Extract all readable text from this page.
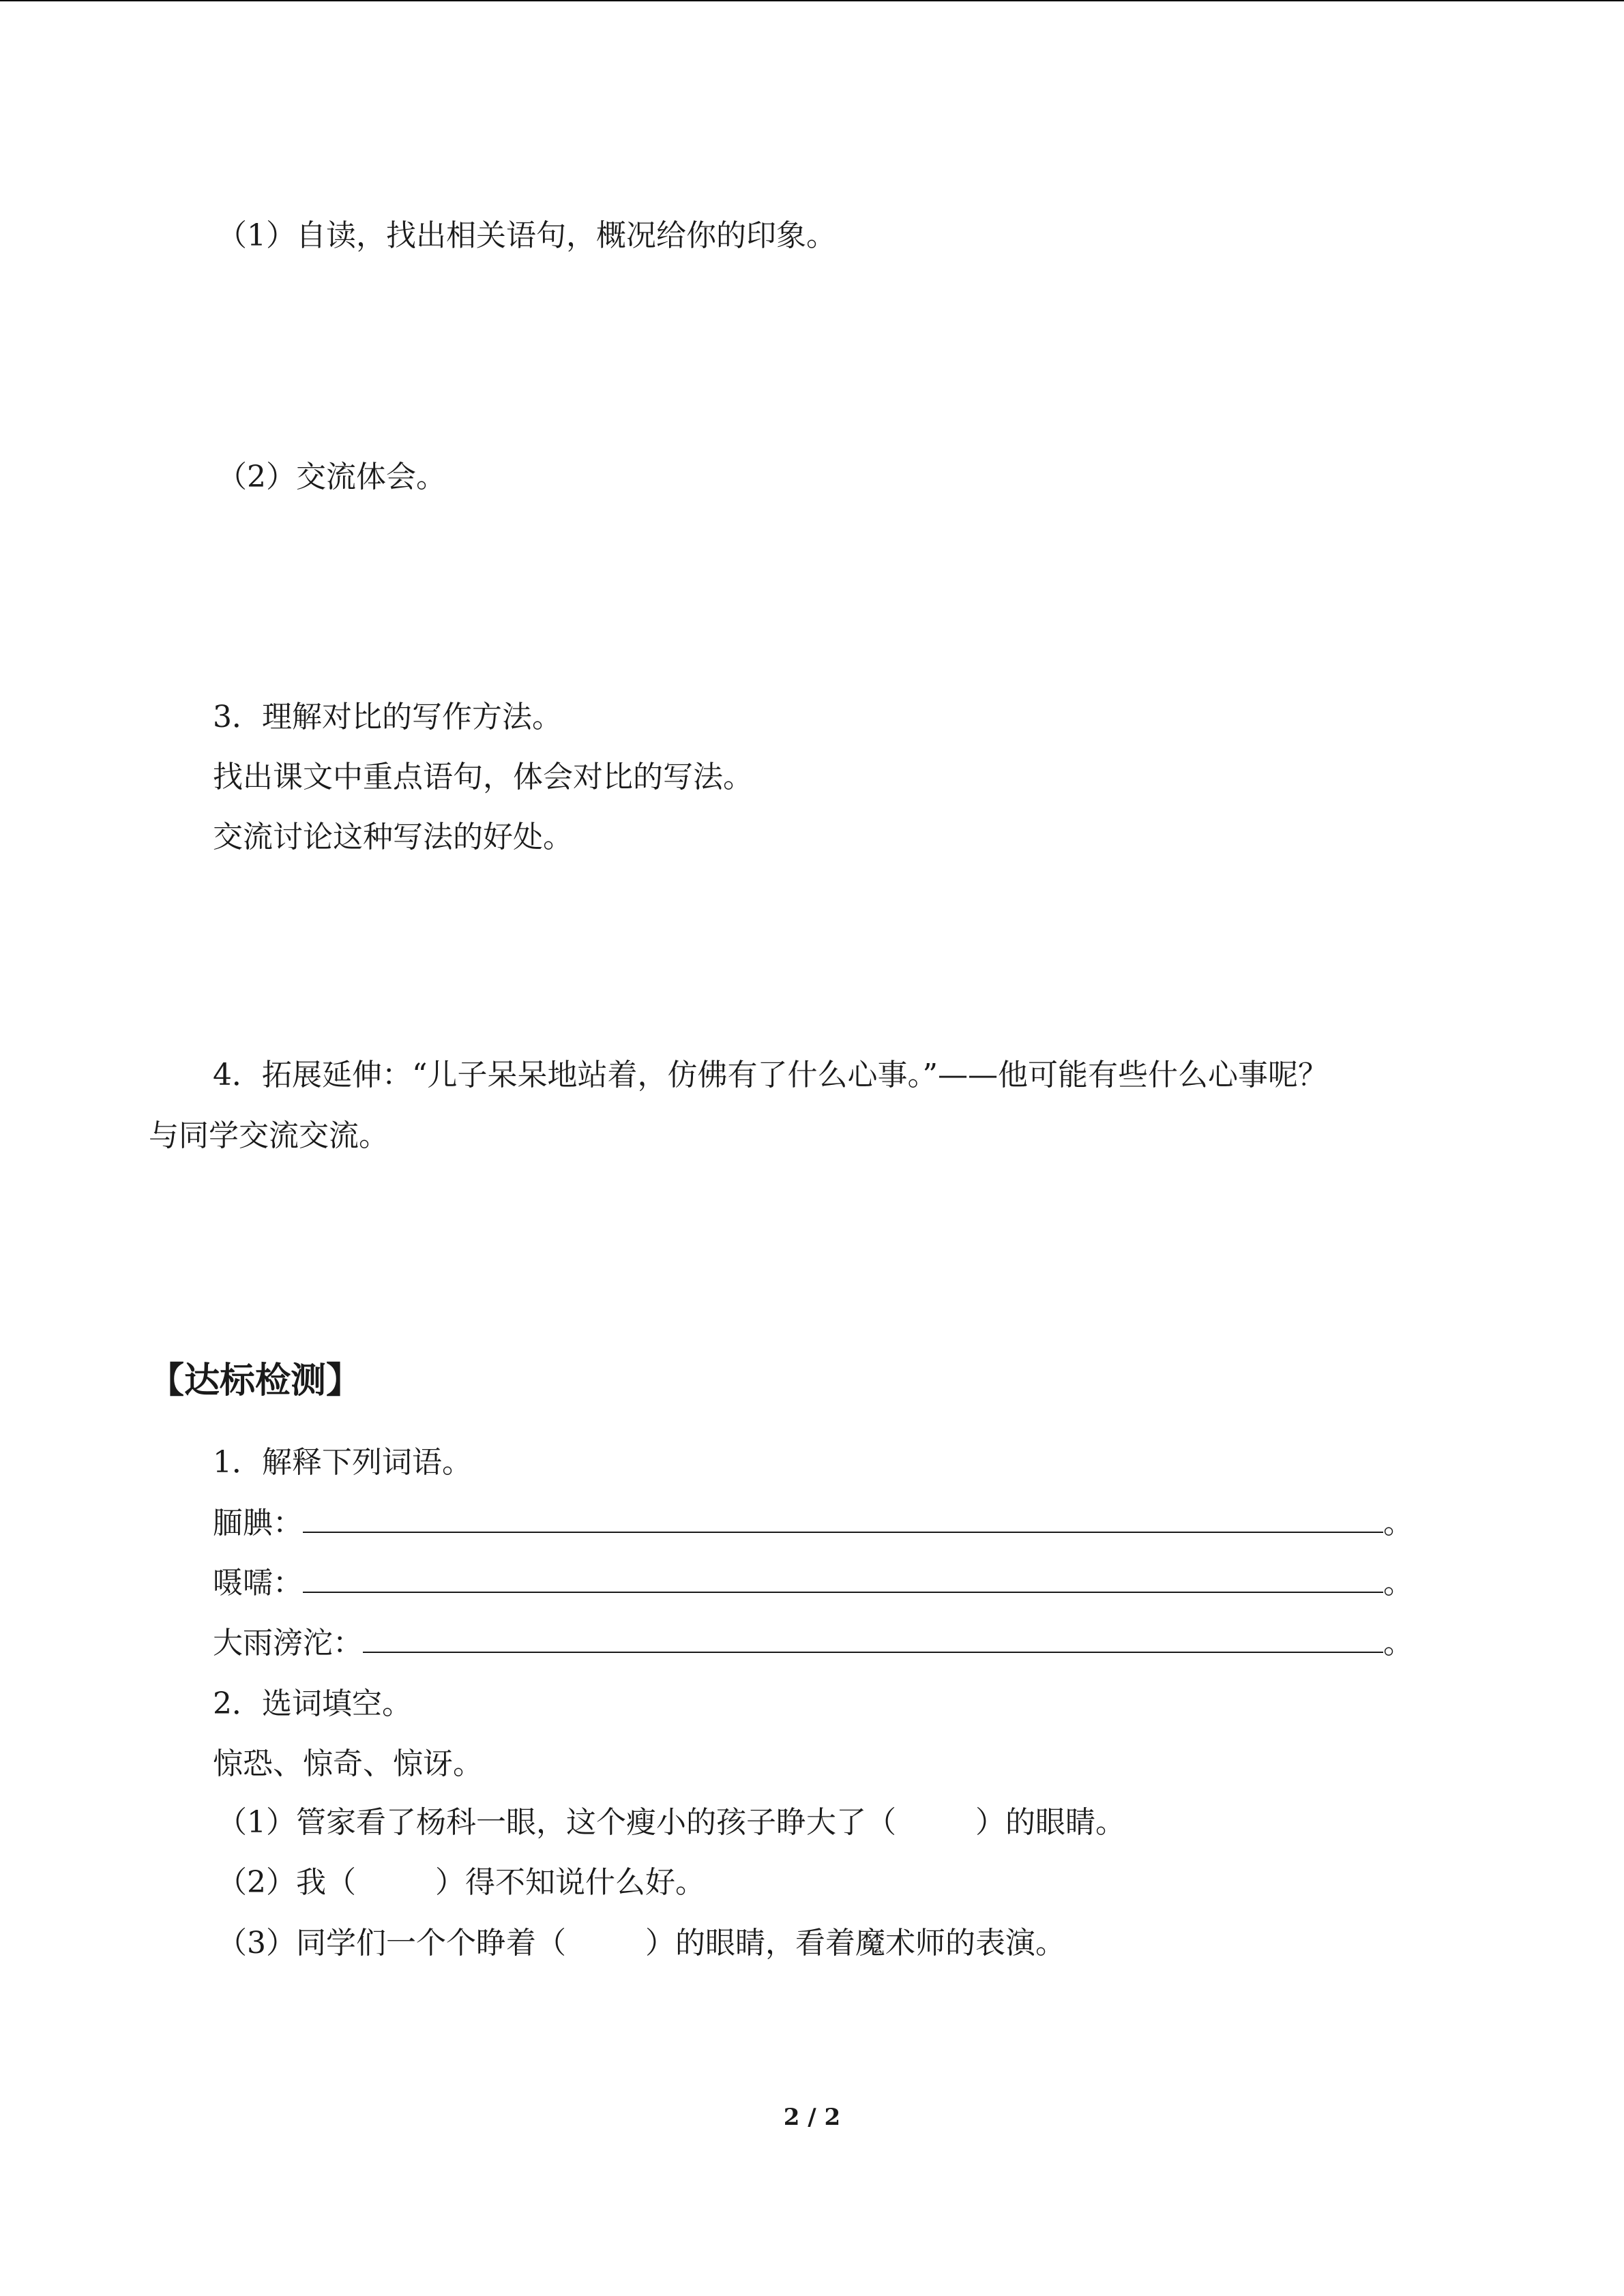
（1）自读，找出相关语句，概况给你的印象。
（2）交流体会。
3．理解对比的写作方法。
找出课文中重点语句，体会对比的写法。
交流讨论这种写法的好处。
4．拓展延伸：“儿子呆呆地站着，仿佛有了什么心事。”——他可能有些什么心事呢？
与同学交流交流。
【达标检测】
1．解释下列词语。
腼腆：	。
嗫嚅：	。
大雨滂沱：	。
2．选词填空。
惊恐、惊奇、惊讶。
（1）管家看了杨科一眼，这个瘦小的孩子睁大了（	）的眼睛。
（2）我（	）得不知说什么好。
（3）同学们一个个睁着（	）的眼睛，看着魔术师的表演。
2 / 2
